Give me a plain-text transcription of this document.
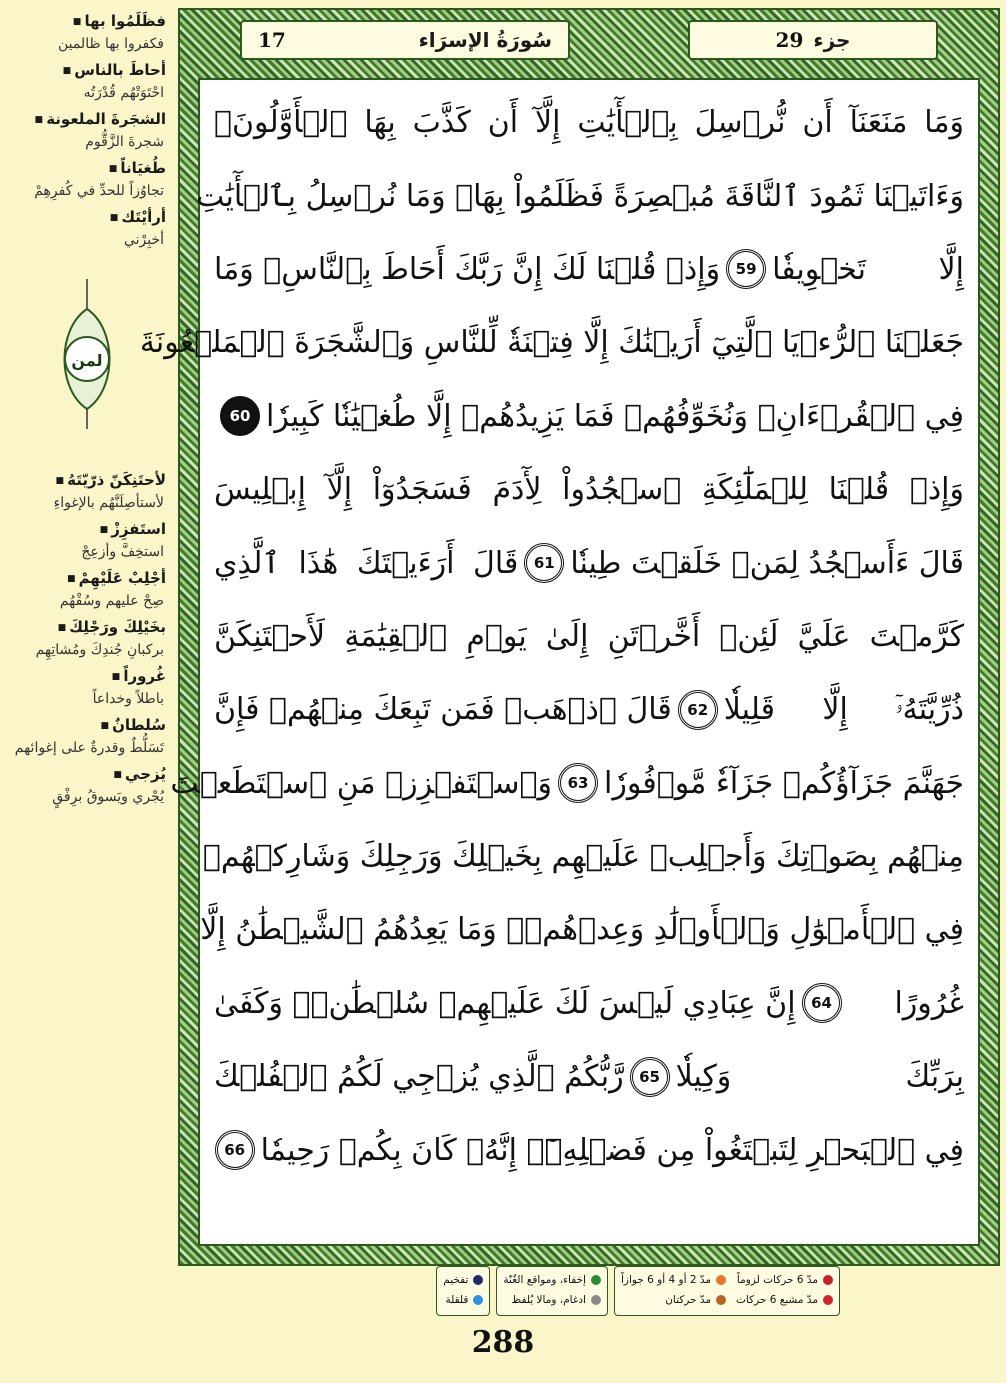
فظَلَمُوا بها ■
فكفروا بها ظالمين
أحاطَ بالناس ■
احْتَوَتْهُم قُدْرَتُه
الشجَرةَ الملعونة ■
شجرةَ الزَّقُّوم
طُغيَاناً ■
تجاوُزاً للحدِّ في كُفرِهِمْ
أرأيْتَك ■
أخبِرْني
لمن
لأحتَنِكَنّ ذرّيّتَهُ ■
لأستأصِلَنَّهُم بالإغواءِ
استَفزِزْ ■
استخِفَّ وأزعِجْ
أجْلِبْ عَلَيْهِمْ ■
صِحْ عليهم وسُقْهُم
بخَيْلِكَ ورَجْلِكَ ■
بركبانِ جُندِكَ ومُشاتِهِم
غُروراً ■
باطلاً وخداعاً
سُلطانٌ ■
تَسَلُّطٌ وقدرةٌ على إغوائهم
يُزجي ■
يُجْري ويَسوقُ برِفْقٍ
سُورَةُ الإسرَاء
17	جزء
29
وَمَا مَنَعَنَآ أَن نُّرۡسِلَ بِٱلۡأٓيَٰتِ إِلَّآ أَن كَذَّبَ بِهَا ٱلۡأَوَّلُونَۚ
وَءَاتَيۡنَا ثَمُودَ ٱلنَّاقَةَ مُبۡصِرَةً فَظَلَمُواْ بِهَاۚ وَمَا نُرۡسِلُ بِٱلۡأٓيَٰتِ
إِلَّا تَخۡوِيفٗا
59
وَإِذۡ قُلۡنَا لَكَ إِنَّ رَبَّكَ أَحَاطَ بِٱلنَّاسِۚ وَمَا
جَعَلۡنَا ٱلرُّءۡيَا ٱلَّتِيٓ أَرَيۡنَٰكَ إِلَّا فِتۡنَةٗ لِّلنَّاسِ وَٱلشَّجَرَةَ ٱلۡمَلۡعُونَةَ
فِي ٱلۡقُرۡءَانِۚ وَنُخَوِّفُهُمۡ فَمَا يَزِيدُهُمۡ إِلَّا طُغۡيَٰنٗا كَبِيرٗا
60
وَإِذۡ قُلۡنَا لِلۡمَلَٰٓئِكَةِ ٱسۡجُدُواْ لِأٓدَمَ فَسَجَدُوٓاْ إِلَّآ إِبۡلِيسَ
قَالَ ءَأَسۡجُدُ لِمَنۡ خَلَقۡتَ طِينٗا
61
قَالَ أَرَءَيۡتَكَ هَٰذَا ٱلَّذِي
كَرَّمۡتَ عَلَيَّ لَئِنۡ أَخَّرۡتَنِ إِلَىٰ يَوۡمِ ٱلۡقِيَٰمَةِ لَأَحۡتَنِكَنَّ
ذُرِّيَّتَهُۥٓ إِلَّا قَلِيلٗا
62
قَالَ ٱذۡهَبۡ فَمَن تَبِعَكَ مِنۡهُمۡ فَإِنَّ
جَهَنَّمَ جَزَآؤُكُمۡ جَزَآءٗ مَّوۡفُورٗا
63
وَٱسۡتَفۡزِزۡ مَنِ ٱسۡتَطَعۡتَ
مِنۡهُم بِصَوۡتِكَ وَأَجۡلِبۡ عَلَيۡهِم بِخَيۡلِكَ وَرَجِلِكَ وَشَارِكۡهُمۡ
فِي ٱلۡأَمۡوَٰلِ وَٱلۡأَوۡلَٰدِ وَعِدۡهُمۡۚ وَمَا يَعِدُهُمُ ٱلشَّيۡطَٰنُ إِلَّا
غُرُورًا
64
إِنَّ عِبَادِي لَيۡسَ لَكَ عَلَيۡهِمۡ سُلۡطَٰنٞۚ وَكَفَىٰ
بِرَبِّكَ وَكِيلٗا
65
رَّبُّكُمُ ٱلَّذِي يُزۡجِي لَكُمُ ٱلۡفُلۡكَ
فِي ٱلۡبَحۡرِ لِتَبۡتَغُواْ مِن فَضۡلِهِۦٓۚ إِنَّهُۥ كَانَ بِكُمۡ رَحِيمٗا
66
مدّ 6 حركات لزوماً
مدّ مشبع 6 حركات
مدّ 2 أو 4 أو 6 جوازاً
مدّ حركتان
إخفاء، ومواقع الغُنّة
ادغام، ومالا يُلفظ
تفخيم
قلقلة
288
